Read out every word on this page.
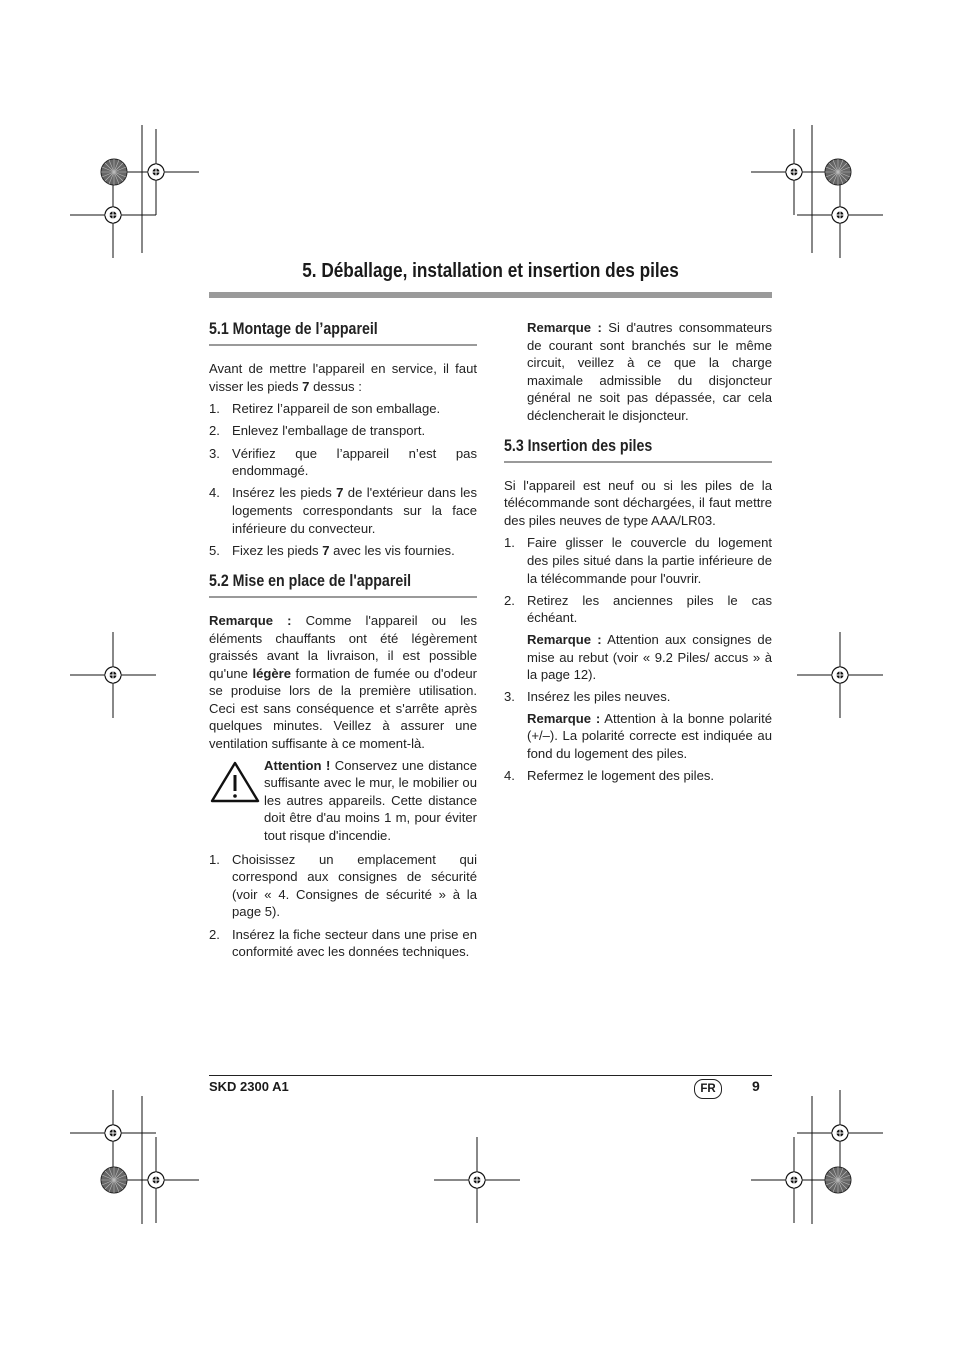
5. Déballage, installation et insertion des piles
5.1 Montage de l’appareil

Avant de mettre l'appareil en service, il faut visser les pieds 7 dessus :

1. Retirez l’appareil de son emballage.
2. Enlevez l'emballage de transport.
3. Vérifiez que l’appareil n’est pas endommagé.
4. Insérez les pieds 7 de l'extérieur dans les logements correspondants sur la face inférieure du convecteur.
5. Fixez les pieds 7 avec les vis fournies.
5.2 Mise en place de l'appareil

Remarque : Comme l'appareil ou les éléments chauffants ont été légèrement graissés avant la livraison, il est possible qu'une légère formation de fumée ou d'odeur se produise lors de la première utilisation. Ceci est sans conséquence et s'arrête après quelques minutes. Veillez à assurer une ventilation suffisante à ce moment-là.

Attention ! Conservez une distance suffisante avec le mur, le mobilier ou les autres appareils. Cette distance doit être d'au moins 1 m, pour éviter tout risque d'incendie.
1. Choisissez un emplacement qui correspond aux consignes de sécurité (voir « 4. Consignes de sécurité » à la page 5).
2. Insérez la fiche secteur dans une prise en conformité avec les données techniques.

Remarque : Si d'autres consommateurs de courant sont branchés sur le même circuit, veillez à ce que la charge maximale admissible du disjoncteur général ne soit pas dépassée, car cela déclencherait le disjoncteur.

5.3 Insertion des piles

Si l'appareil est neuf ou si les piles de la télécommande sont déchargées, il faut mettre des piles neuves de type AAA/LR03.

1. Faire glisser le couvercle du logement des piles situé dans la partie inférieure de la télécommande pour l'ouvrir.
2. Retirez les anciennes piles le cas échéant.

Remarque : Attention aux consignes de mise au rebut (voir « 9.2 Piles/ accus » à la page 12).

3. Insérez les piles neuves.

Remarque : Attention à la bonne polarité (+/–). La polarité correcte est indiquée au fond du logement des piles.

4. Refermez le logement des piles.
SKD 2300 A1	FR	9
